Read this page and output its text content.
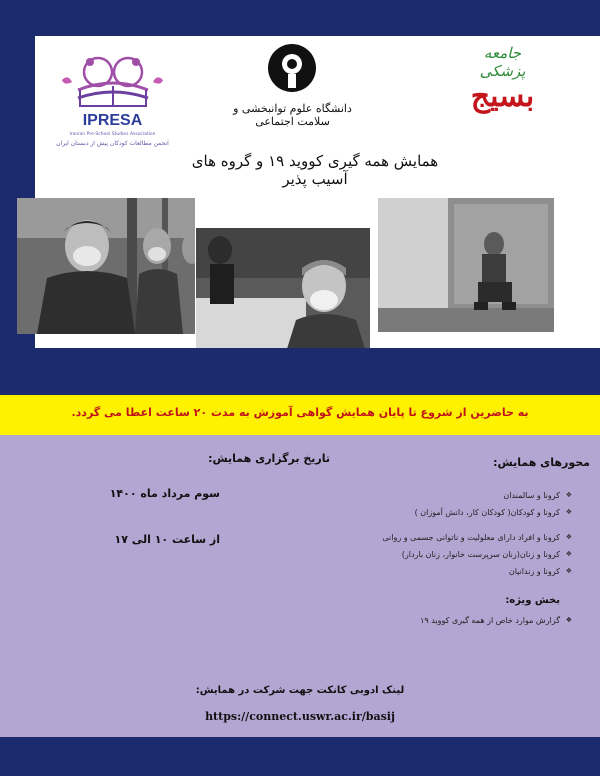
IPRESA
Iranian Pre-School Studies Association
انجمن مطالعات کودکان پیش از دبستان ایران
دانشگاه علوم توانبخشی و سلامت اجتماعی
جامعه پزشکی
بسیج
همایش همه گیری کووید ۱۹ و گروه های آسیب پذیر
به حاضرین از شروع تا پایان همایش گواهی آموزش به مدت ۲۰ ساعت اعطا می گردد.
محورهای همایش:
❖
کرونا و سالمندان
❖
کرونا و کودکان( کودکان کار، دانش آموزان )
❖
کرونا و افراد دارای معلولیت و ناتوانی جسمی و روانی
❖
کرونا و زنان(زنان سرپرست خانوار، زنان باردار)
❖
کرونا و زندانیان
بخش ویژه:
❖
گزارش موارد خاص از همه گیری کووید ۱۹
تاریخ برگزاری همایش:
سوم مرداد ماه ۱۴۰۰
از ساعت ۱۰ الی ۱۷
لینک ادوبی کانکت جهت شرکت در همایش:
https://connect.uswr.ac.ir/basij
